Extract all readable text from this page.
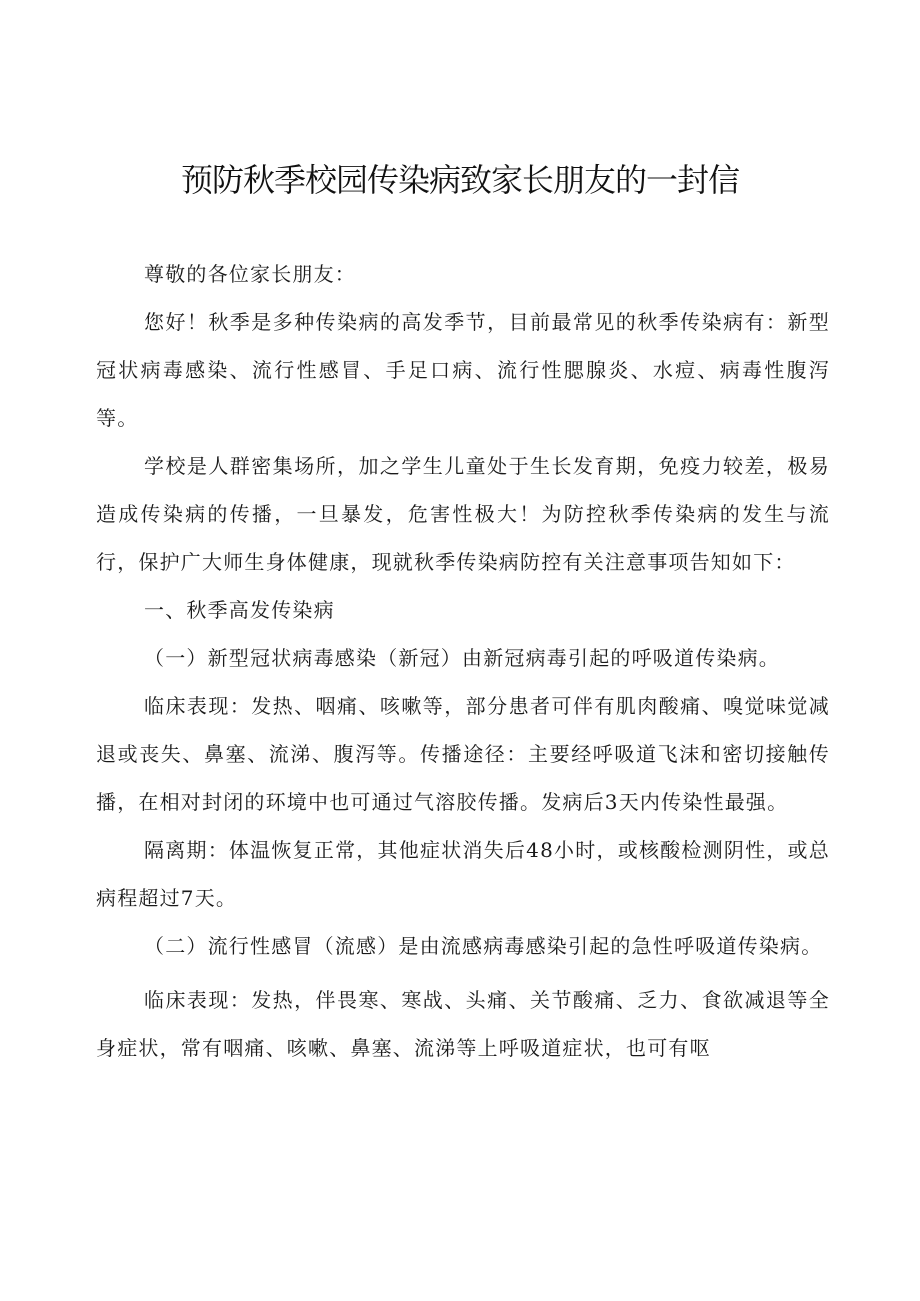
预防秋季校园传染病致家长朋友的一封信

尊敬的各位家长朋友：

您好！秋季是多种传染病的高发季节，目前最常见的秋季传染病有：新型冠状病毒感染、流行性感冒、手足口病、流行性腮腺炎、水痘、病毒性腹泻等。

学校是人群密集场所，加之学生儿童处于生长发育期，免疫力较差，极易造成传染病的传播，一旦暴发，危害性极大！为防控秋季传染病的发生与流行，保护广大师生身体健康，现就秋季传染病防控有关注意事项告知如下：

一、秋季高发传染病

（一）新型冠状病毒感染（新冠）由新冠病毒引起的呼吸道传染病。

临床表现：发热、咽痛、咳嗽等，部分患者可伴有肌肉酸痛、嗅觉味觉减退或丧失、鼻塞、流涕、腹泻等。传播途径：主要经呼吸道飞沫和密切接触传播，在相对封闭的环境中也可通过气溶胶传播。发病后3天内传染性最强。

隔离期：体温恢复正常，其他症状消失后48小时，或核酸检测阴性，或总病程超过7天。

（二）流行性感冒（流感）是由流感病毒感染引起的急性呼吸道传染病。

临床表现：发热，伴畏寒、寒战、头痛、关节酸痛、乏力、食欲减退等全身症状，常有咽痛、咳嗽、鼻塞、流涕等上呼吸道症状，也可有呕
